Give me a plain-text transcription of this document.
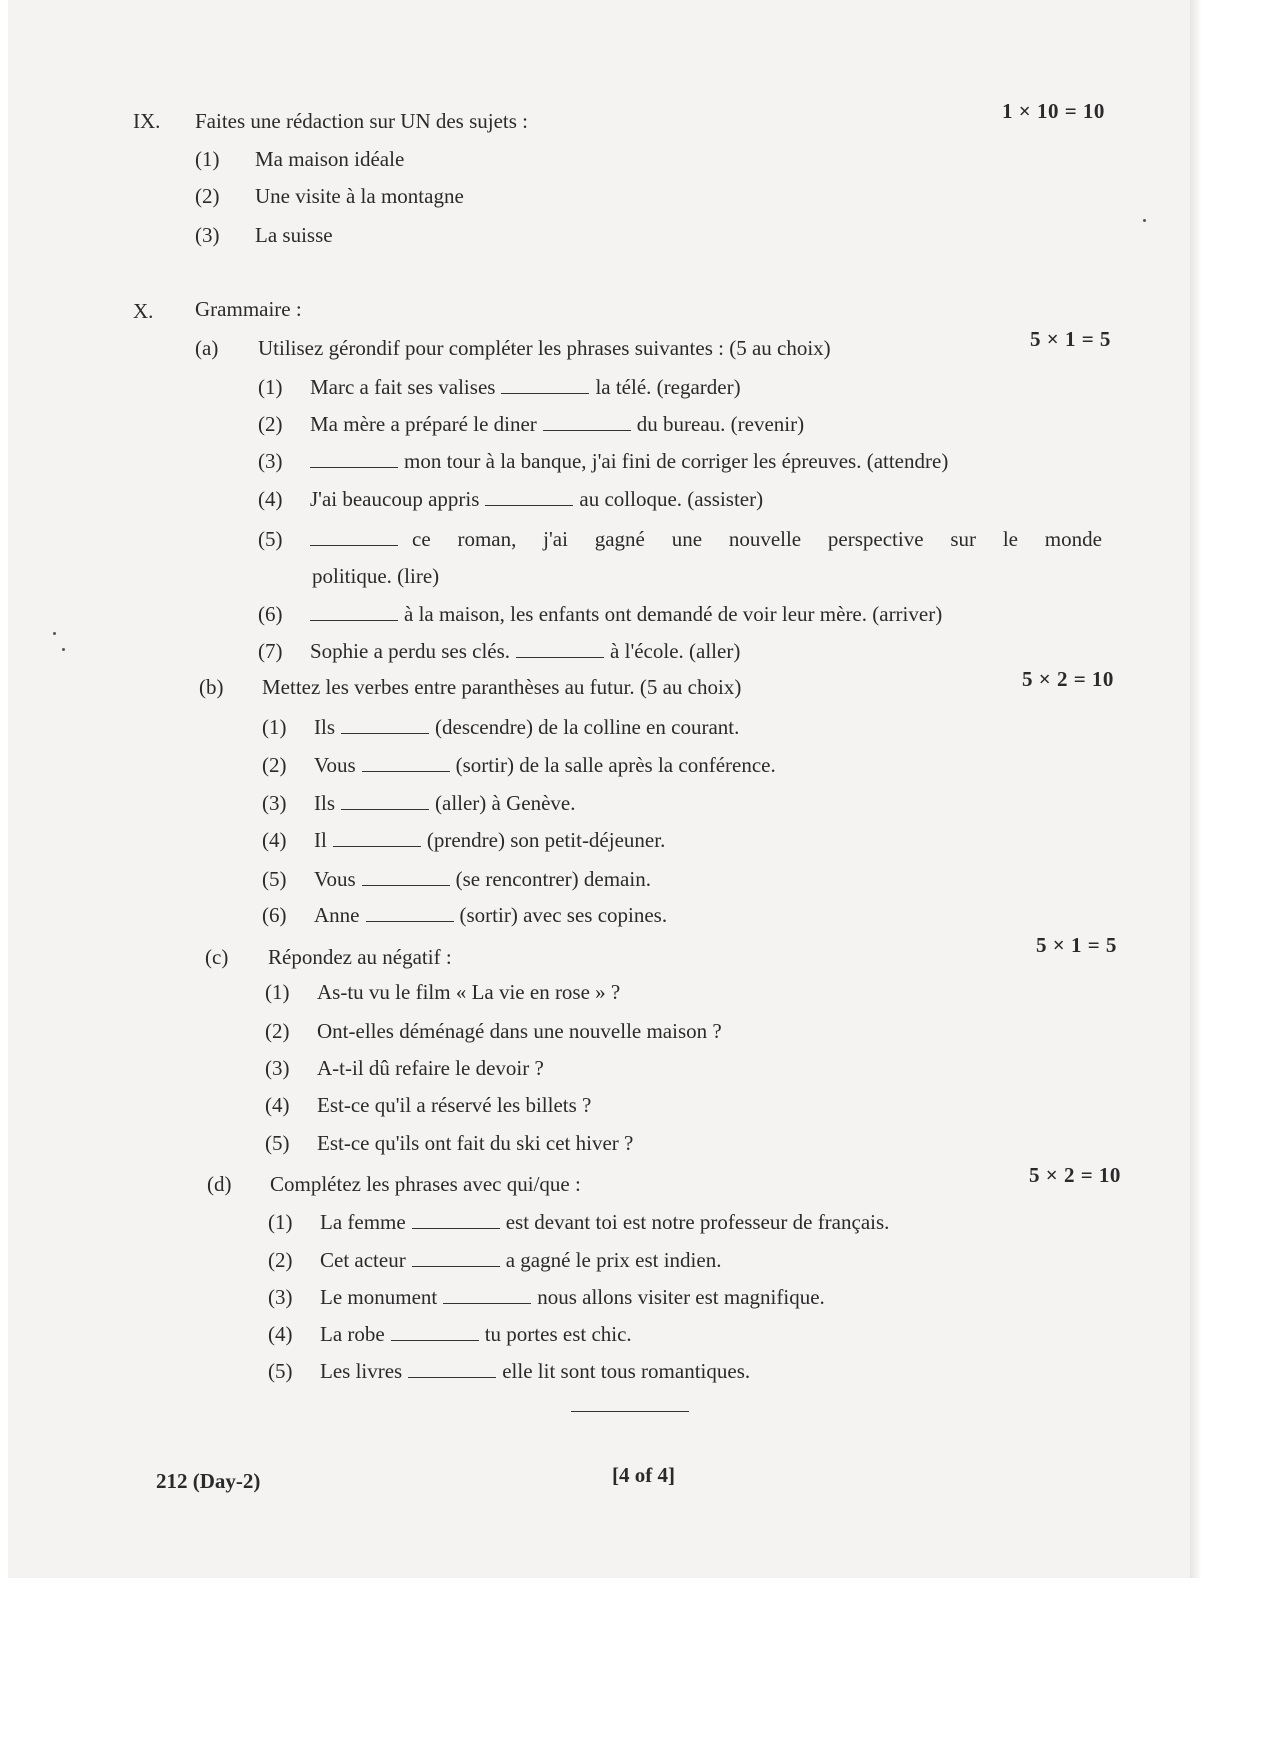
IX. Faites une rédaction sur UN des sujets :	1 × 10 = 10
(1)	Ma maison idéale
(2)	Une visite à la montagne
(3)	La suisse
X. Grammaire :
(a)	Utilisez gérondif pour compléter les phrases suivantes : (5 au choix)	5 × 1 = 5
(1)	Marc a fait ses valises	la télé. (regarder)
(2)	Ma mère a préparé le diner	du bureau. (revenir)
(3)	mon tour à la banque, j'ai fini de corriger les épreuves. (attendre)
(4)	J'ai beaucoup appris	au colloque. (assister)
(5)	ce roman, j'ai gagné une nouvelle perspective sur le monde
politique. (lire)
(6)	à la maison, les enfants ont demandé de voir leur mère. (arriver)
(7)	Sophie a perdu ses clés.	à l'école. (aller)
(b)	Mettez les verbes entre paranthèses au futur. (5 au choix)	5 × 2 = 10
(1)	Ils	(descendre) de la colline en courant.
(2)	Vous	(sortir) de la salle après la conférence.
(3)	Ils	(aller) à Genève.
(4)	Il	(prendre) son petit-déjeuner.
(5)	Vous	(se rencontrer) demain.
(6)	Anne	(sortir) avec ses copines.
(c)	Répondez au négatif :	5 × 1 = 5
(1)	As-tu vu le film « La vie en rose » ?
(2)	Ont-elles déménagé dans une nouvelle maison ?
(3)	A-t-il dû refaire le devoir ?
(4)	Est-ce qu'il a réservé les billets ?
(5)	Est-ce qu'ils ont fait du ski cet hiver ?
(d)	Complétez les phrases avec qui/que :	5 × 2 = 10
(1)	La femme	est devant toi est notre professeur de français.
(2)	Cet acteur	a gagné le prix est indien.
(3)	Le monument	nous allons visiter est magnifique.
(4)	La robe	tu portes est chic.
(5)	Les livres	elle lit sont tous romantiques.
212 (Day-2)	[4 of 4]
